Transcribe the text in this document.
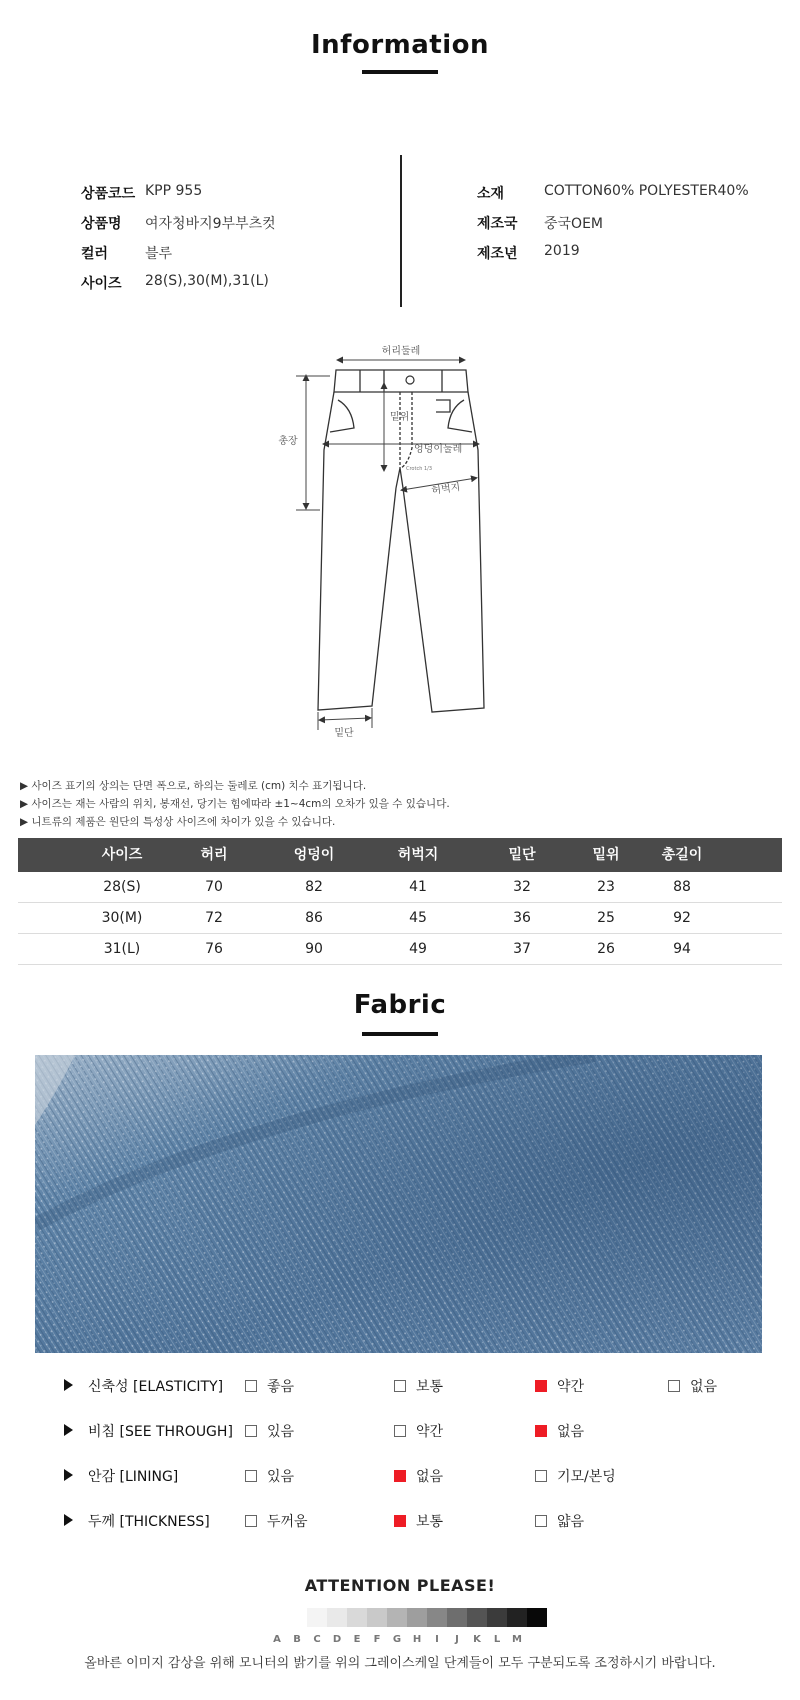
Information
상품코드 KPP 955
상품명 여자청바지9부부츠컷
컬러	블루
사이즈 28(S),30(M),31(L)
소재	COTTON60% POLYESTER40%
제조국 중국OEM
제조년 2019
허리둘레
총장
밑위
엉덩이둘레
Crotch 1/3
허벅지
밑단
▶ 사이즈 표기의 상의는 단면 폭으로, 하의는 둘레로 (cm) 치수 표기됩니다.
▶ 사이즈는 재는 사람의 위치, 봉재선, 당기는 힘에따라 ±1~4cm의 오차가 있을 수 있습니다.
▶ 니트류의 제품은 원단의 특성상 사이즈에 차이가 있을 수 있습니다.
사이즈	허리	엉덩이	허벅지	밑단	밑위	총길이
28(S)	70	82	41	32	23	88
30(M)	72	86	45	36	25	92
31(L)	76	90	49	37	26	94
Fabric
신축성 [ELASTICITY]	좋음	보통	약간	없음
비침 [SEE THROUGH]	있음	약간	없음
안감 [LINING]	있음	없음	기모/본딩
두께 [THICKNESS]	두꺼움	보통	얇음
ATTENTION PLEASE!
A	B	C	D	E	F	G	H	I	J	K	L	M
올바른 이미지 감상을 위해 모니터의 밝기를 위의 그레이스케일 단계들이 모두 구분되도록 조정하시기 바랍니다.
